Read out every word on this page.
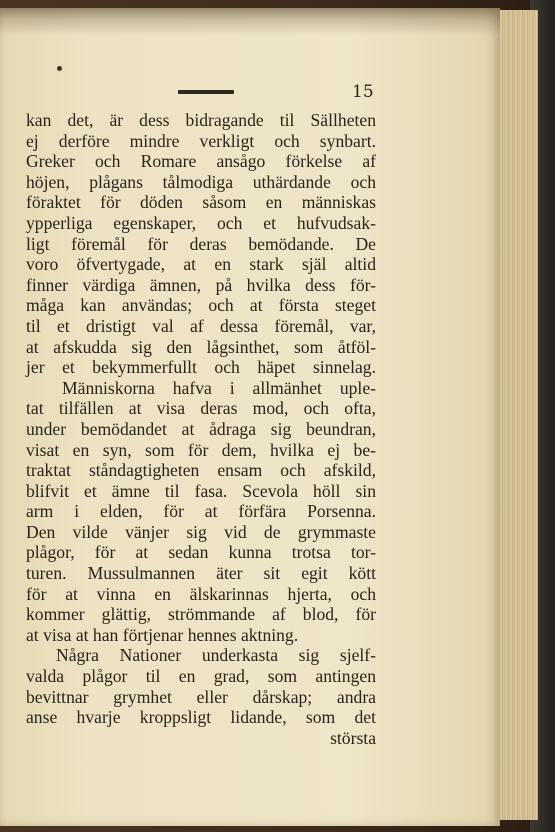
15
kan det, är dess bidragande til Sällheten
ej derföre mindre verkligt och synbart.
Greker och Romare ansågo förkelse af
höjen, plågans tålmodiga uthärdande och
föraktet för döden såsom en människas
ypperliga egenskaper, och et hufvudsak-
ligt föremål för deras bemödande. De
voro öfvertygade, at en stark själ altid
finner värdiga ämnen, på hvilka dess för-
måga kan användas; och at första steget
til et dristigt val af dessa föremål, var,
at afskudda sig den lågsinthet, som åtföl-
jer et bekymmerfullt och häpet sinnelag.
Människorna hafva i allmänhet uple-
tat tilfällen at visa deras mod, och ofta,
under bemödandet at ådraga sig beundran,
visat en syn, som för dem, hvilka ej be-
traktat ståndagtigheten ensam och afskild,
blifvit et ämne til fasa. Scevola höll sin
arm i elden, för at förfära Porsenna.
Den vilde vänjer sig vid de grymmaste
plågor, för at sedan kunna trotsa tor-
turen. Mussulmannen äter sit egit kött
för at vinna en älskarinnas hjerta, och
kommer glättig, strömmande af blod, för
at visa at han förtjenar hennes aktning.
Några Nationer underkasta sig sjelf-
valda plågor til en grad, som antingen
bevittnar grymhet eller dårskap; andra
anse hvarje kroppsligt lidande, som det
största
